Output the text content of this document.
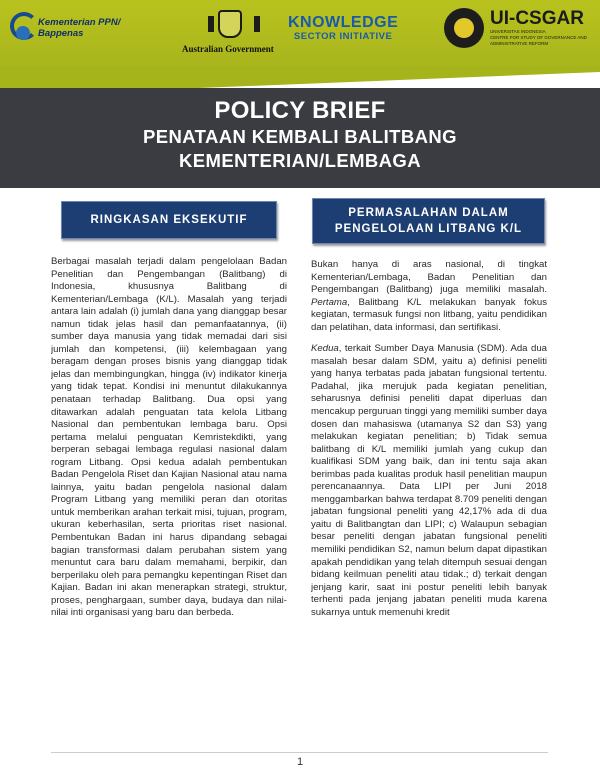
Kementerian PPN/ Bappenas
Australian Government
KNOWLEDGE
SECTOR INITIATIVE
UI-CSGAR
UNIVERSITAS INDONESIA
CENTRE FOR STUDY OF GOVERNANCE AND ADMINISTRATIVE REFORM
POLICY BRIEF
PENATAAN KEMBALI BALITBANG
KEMENTERIAN/LEMBAGA
RINGKASAN EKSEKUTIF
PERMASALAHAN DALAM
PENGELOLAAN LITBANG K/L

Berbagai masalah terjadi dalam pengelolaan Badan Penelitian dan Pengembangan (Balitbang) di Indonesia, khususnya Balitbang di Kementerian/Lembaga (K/L). Masalah yang terjadi antara lain adalah (i) jumlah dana yang dianggap besar namun tidak jelas hasil dan pemanfaatannya, (ii) sumber daya manusia yang tidak memadai dari sisi jumlah dan kompetensi, (iii) kelembagaan yang beragam dengan proses bisnis yang dianggap tidak jelas dan membingungkan, hingga (iv) indikator kinerja yang tidak tepat. Kondisi ini menuntut dilakukannya penataan terhadap Balitbang. Dua opsi yang ditawarkan adalah penguatan tata kelola Litbang Nasional dan pembentukan lembaga baru. Opsi pertama melalui penguatan Kemristekdikti, yang berperan sebagai lembaga regulasi nasional dalam rogram Litbang. Opsi kedua adalah pembentukan Badan Pengelola Riset dan Kajian Nasional atau nama lainnya, yaitu badan pengelola nasional dalam Program Litbang yang memiliki peran dan otoritas untuk memberikan arahan terkait misi, tujuan, program, ukuran keberhasilan, serta prioritas riset nasional. Pembentukan Badan ini harus dipandang sebagai bagian transformasi dalam perubahan sistem yang menuntut cara baru dalam memahami, berpikir, dan berperilaku oleh para pemangku kepentingan Riset dan Kajian. Badan ini akan menerapkan strategi, struktur, proses, penghargaan, sumber daya, budaya dan nilai-nilai inti organisasi yang baru dan berbeda.

Bukan hanya di aras nasional, di tingkat Kementerian/Lembaga, Badan Penelitian dan Pengembangan (Balitbang) juga memiliki masalah. Pertama, Balitbang K/L melakukan banyak fokus kegiatan, termasuk fungsi non litbang, yaitu pendidikan dan pelatihan, data informasi, dan sertifikasi.

Kedua, terkait Sumber Daya Manusia (SDM). Ada dua masalah besar dalam SDM, yaitu a) definisi peneliti yang hanya terbatas pada jabatan fungsional tertentu. Padahal, jika merujuk pada kegiatan penelitian, seharusnya definisi peneliti dapat diperluas dan mencakup perguruan tinggi yang memiliki sumber daya dosen dan mahasiswa (utamanya S2 dan S3) yang melakukan kegiatan penelitian; b) Tidak semua balitbang di K/L memiliki jumlah yang cukup dan kualifikasi SDM yang baik, dan ini tentu saja akan berimbas pada kualitas produk hasil penelitian maupun perencanaannya. Data LIPI per Juni 2018 menggambarkan bahwa terdapat 8.709 peneliti dengan jabatan fungsional peneliti yang 42,17% ada di dua yaitu di Balitbangtan dan LIPI; c) Walaupun sebagian besar peneliti dengan jabatan fungsional peneliti memiliki pendidikan S2, namun belum dapat dipastikan apakah pendidikan yang telah ditempuh sesuai dengan bidang keilmuan peneliti atau tidak.; d) terkait dengan jenjang karir, saat ini postur peneliti lebih banyak terhenti pada jenjang jabatan peneliti muda karena sukarnya untuk memenuhi kredit

1
